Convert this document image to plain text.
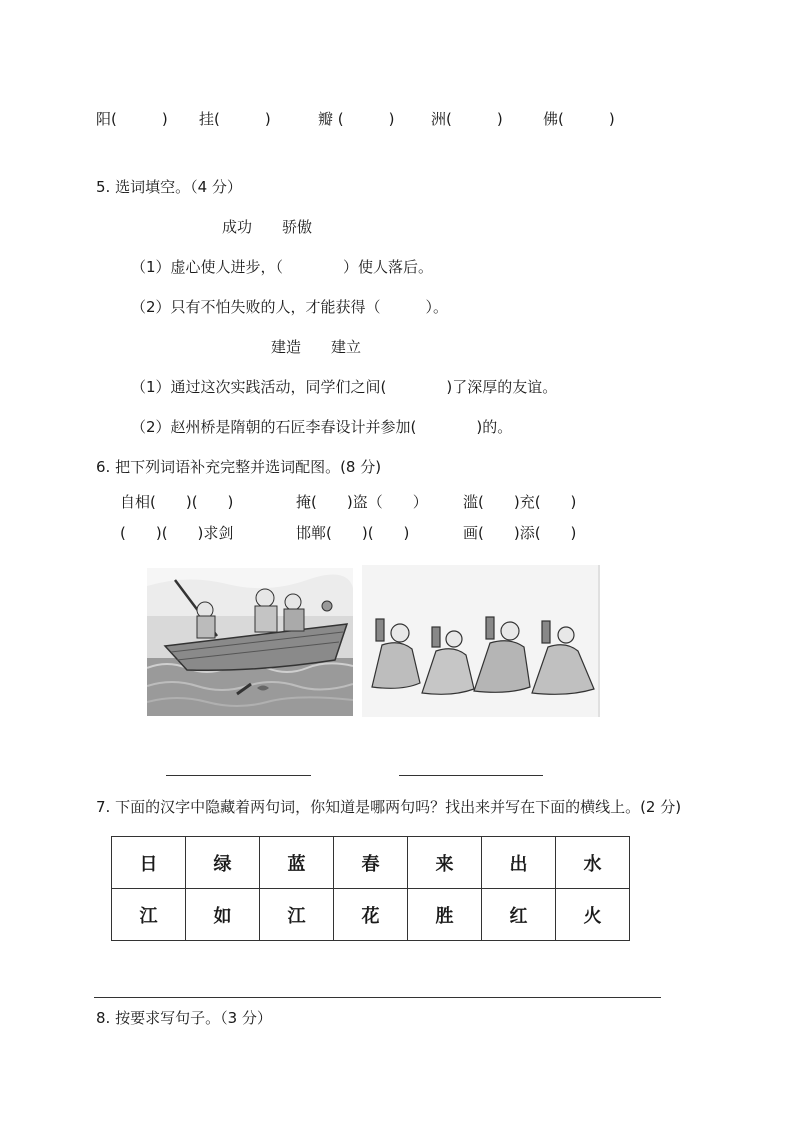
阳(　　　) 挂(　　　)	瓣 (　　　) 洲(　　　)	佛(　　　)
5. 选词填空。（4 分）
成功　　骄傲
（1）虚心使人进步，（　　　　）使人落后。
（2）只有不怕失败的人，才能获得（　　　）。
建造　　建立
（1）通过这次实践活动，同学们之间(　　　　)了深厚的友谊。
（2）赵州桥是隋朝的石匠李春设计并参加(　　　　)的。
6. 把下列词语补充完整并选词配图。(8 分)
自相(　　)(　　)	掩(　　)盗（　　） 滥(　　)充(　　)
(　　)(　　)求剑	邯郸(　　)(　　)	画(　　)添(　　)
7. 下面的汉字中隐藏着两句词，你知道是哪两句吗？找出来并写在下面的横线上。(2 分)
日	绿	蓝	春	来	出	水
江	如	江	花	胜	红	火
8. 按要求写句子。（3 分）
